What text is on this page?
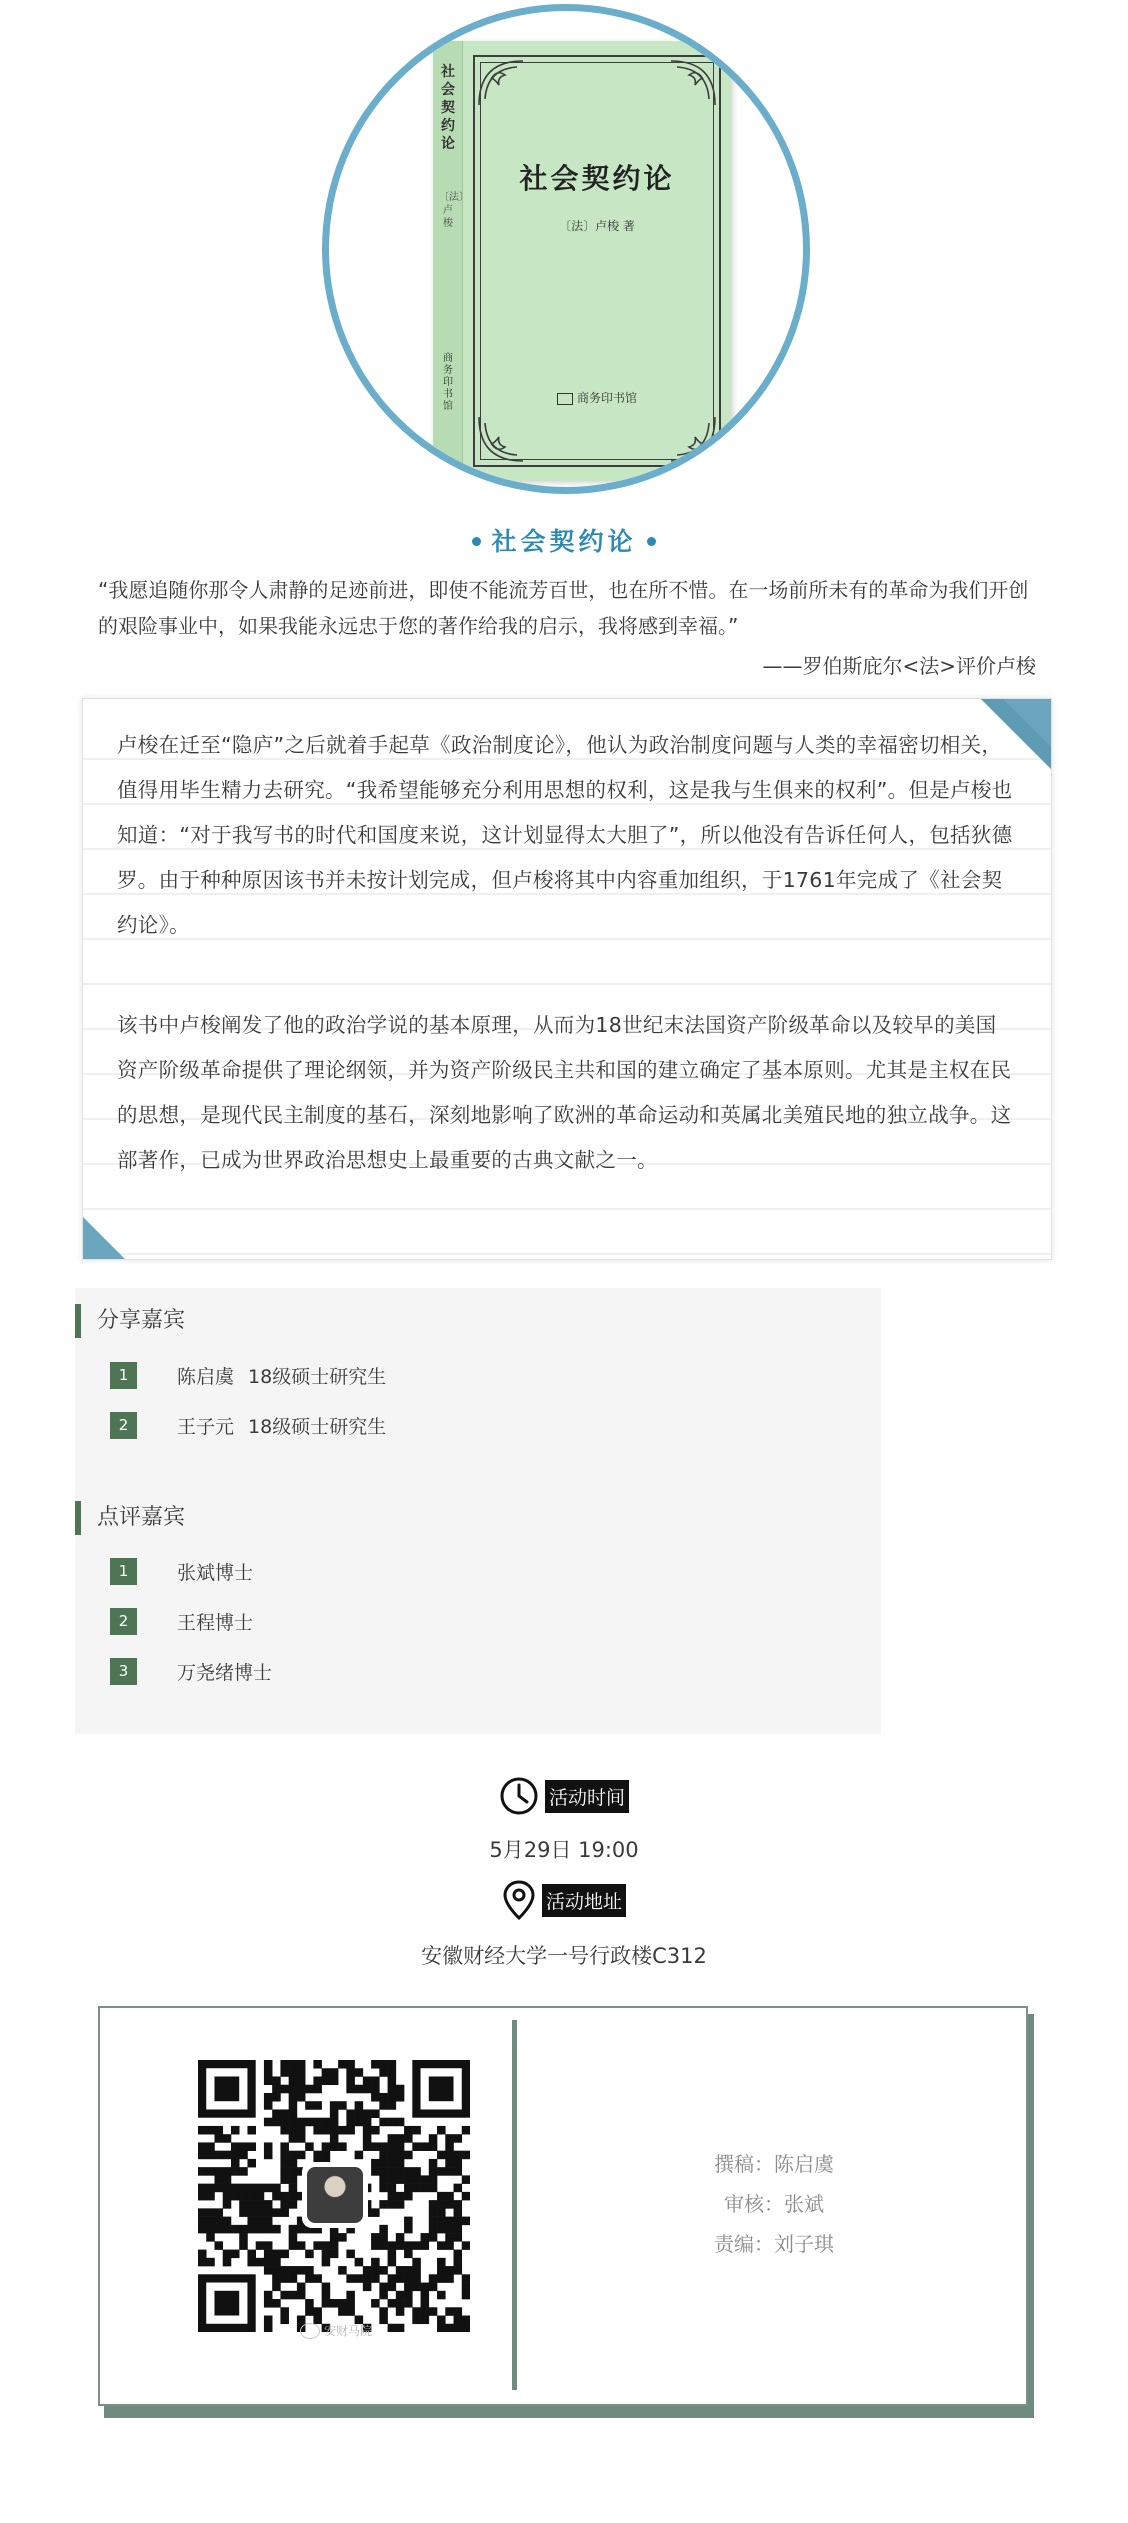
社会契约论
〔法〕卢梭
商务印书馆
社会契约论
〔法〕卢梭 著
商务印书馆
社会契约论
“我愿追随你那令人肃静的足迹前进，即使不能流芳百世，也在所不惜。在一场前所未有的革命为我们开创的艰险事业中，如果我能永远忠于您的著作给我的启示，我将感到幸福。”
——罗伯斯庇尔<法>评价卢梭
卢梭在迁至“隐庐”之后就着手起草《政治制度论》，他认为政治制度问题与人类的幸福密切相关，值得用毕生精力去研究。“我希望能够充分利用思想的权利，这是我与生俱来的权利”。但是卢梭也知道：“对于我写书的时代和国度来说，这计划显得太大胆了”，所以他没有告诉任何人，包括狄德罗。由于种种原因该书并未按计划完成，但卢梭将其中内容重加组织，于1761年完成了《社会契约论》。
该书中卢梭阐发了他的政治学说的基本原理，从而为18世纪末法国资产阶级革命以及较早的美国资产阶级革命提供了理论纲领，并为资产阶级民主共和国的建立确定了基本原则。尤其是主权在民的思想，是现代民主制度的基石，深刻地影响了欧洲的革命运动和英属北美殖民地的独立战争。这部著作，已成为世界政治思想史上最重要的古典文献之一。
分享嘉宾
1	陈启虞 18级硕士研究生
2	王子元 18级硕士研究生
点评嘉宾
1	张斌博士
2	王程博士
3	万尧绪博士
活动时间
5月29日 19:00
活动地址
安徽财经大学一号行政楼C312
撰稿：陈启虞
审核：张斌
责编：刘子琪
安财马院
